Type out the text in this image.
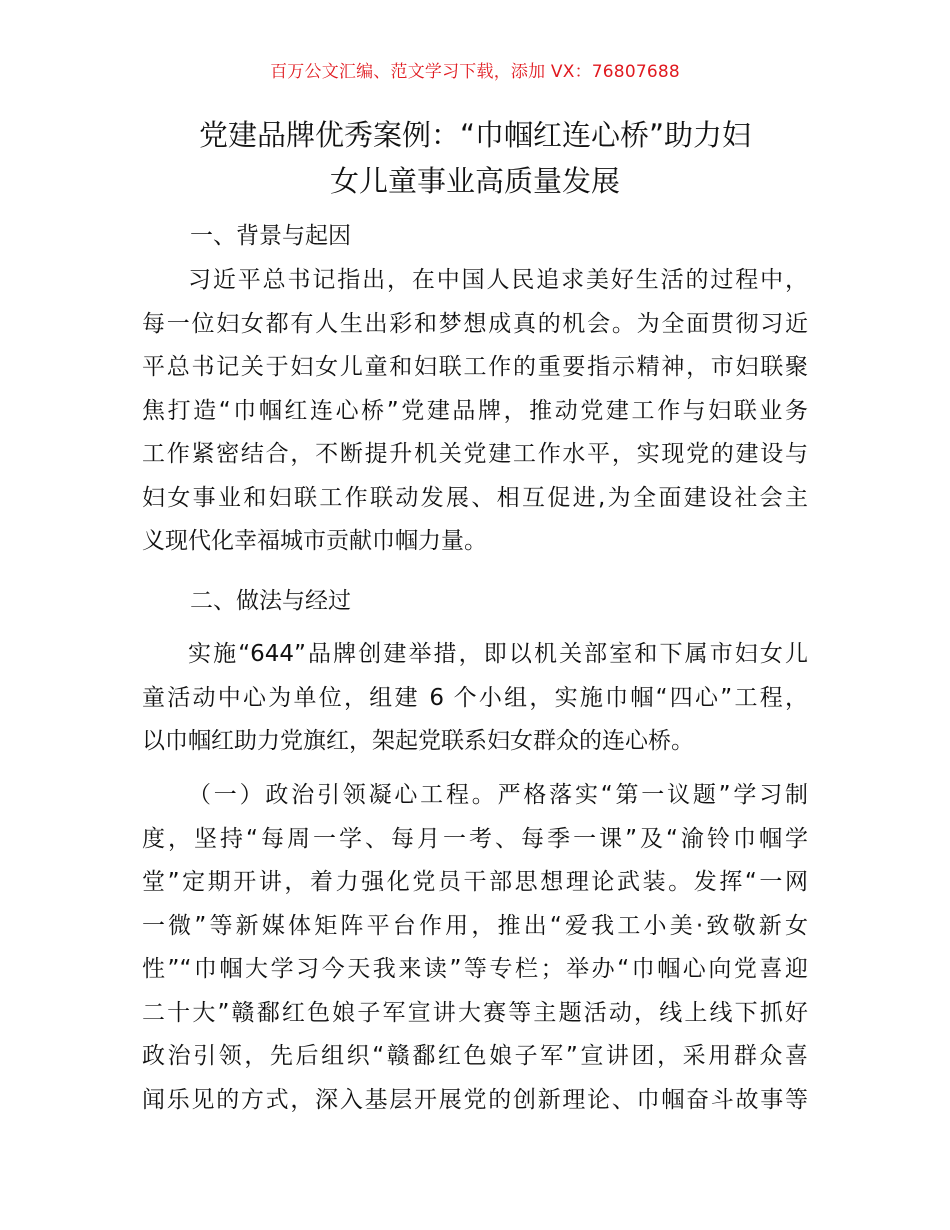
百万公文汇编、范文学习下载，添加 VX：76807688
党建品牌优秀案例：“巾帼红连心桥”助力妇
女儿童事业高质量发展
一、背景与起因
习近平总书记指出，在中国人民追求美好生活的过程中，
每一位妇女都有人生出彩和梦想成真的机会。为全面贯彻习近
平总书记关于妇女儿童和妇联工作的重要指示精神，市妇联聚
焦打造“巾帼红连心桥”党建品牌，推动党建工作与妇联业务
工作紧密结合，不断提升机关党建工作水平，实现党的建设与
妇女事业和妇联工作联动发展、相互促进,为全面建设社会主
义现代化幸福城市贡献巾帼力量。
二、做法与经过
实施“644”品牌创建举措，即以机关部室和下属市妇女儿
童活动中心为单位，组建 6 个小组，实施巾帼“四心”工程，
以巾帼红助力党旗红，架起党联系妇女群众的连心桥。
（一）政治引领凝心工程。严格落实“第一议题”学习制
度，坚持“每周一学、每月一考、每季一课”及“渝铃巾帼学
堂”定期开讲，着力强化党员干部思想理论武装。发挥“一网
一微”等新媒体矩阵平台作用，推出“爱我工小美·致敬新女
性”“巾帼大学习今天我来读”等专栏；举办“巾帼心向党喜迎
二十大”赣鄱红色娘子军宣讲大赛等主题活动，线上线下抓好
政治引领，先后组织“赣鄱红色娘子军”宣讲团，采用群众喜
闻乐见的方式，深入基层开展党的创新理论、巾帼奋斗故事等
